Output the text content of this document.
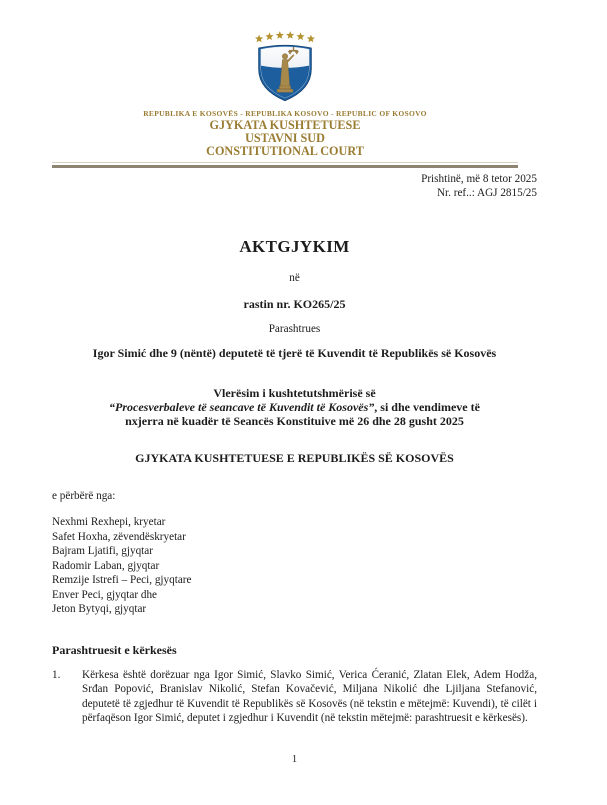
REPUBLIKA E KOSOVËS - REPUBLIKA KOSOVO - REPUBLIC OF KOSOVO
GJYKATA KUSHTETUESE
USTAVNI SUD
CONSTITUTIONAL COURT
Prishtinë, më 8 tetor 2025
Nr. ref..: AGJ 2815/25
AKTGJYKIM
në
rastin nr. KO265/25
Parashtrues
Igor Simić dhe 9 (nëntë) deputetë të tjerë të Kuvendit të Republikës së Kosovës
Vlerësim i kushtetutshmërisë së
“Procesverbaleve të seancave të Kuvendit të Kosovës”, si dhe vendimeve të
nxjerra në kuadër të Seancës Konstituive më 26 dhe 28 gusht 2025
GJYKATA KUSHTETUESE E REPUBLIKËS SË KOSOVËS
e përbërë nga:
Nexhmi Rexhepi, kryetar
Safet Hoxha, zëvendëskryetar
Bajram Ljatifi, gjyqtar
Radomir Laban, gjyqtar
Remzije Istrefi – Peci, gjyqtare
Enver Peci, gjyqtar dhe
Jeton Bytyqi, gjyqtar
Parashtruesit e kërkesës
1.	Kërkesa është dorëzuar nga Igor Simić, Slavko Simić, Verica Ćeranić, Zlatan Elek, Adem Hodža, Srđan Popović, Branislav Nikolić, Stefan Kovačević, Miljana Nikolić dhe Ljiljana Stefanović, deputetë të zgjedhur të Kuvendit të Republikës së Kosovës (në tekstin e mëtejmë: Kuvendi), të cilët i përfaqëson Igor Simić, deputet i zgjedhur i Kuvendit (në tekstin mëtejmë: parashtruesit e kërkesës).
1
